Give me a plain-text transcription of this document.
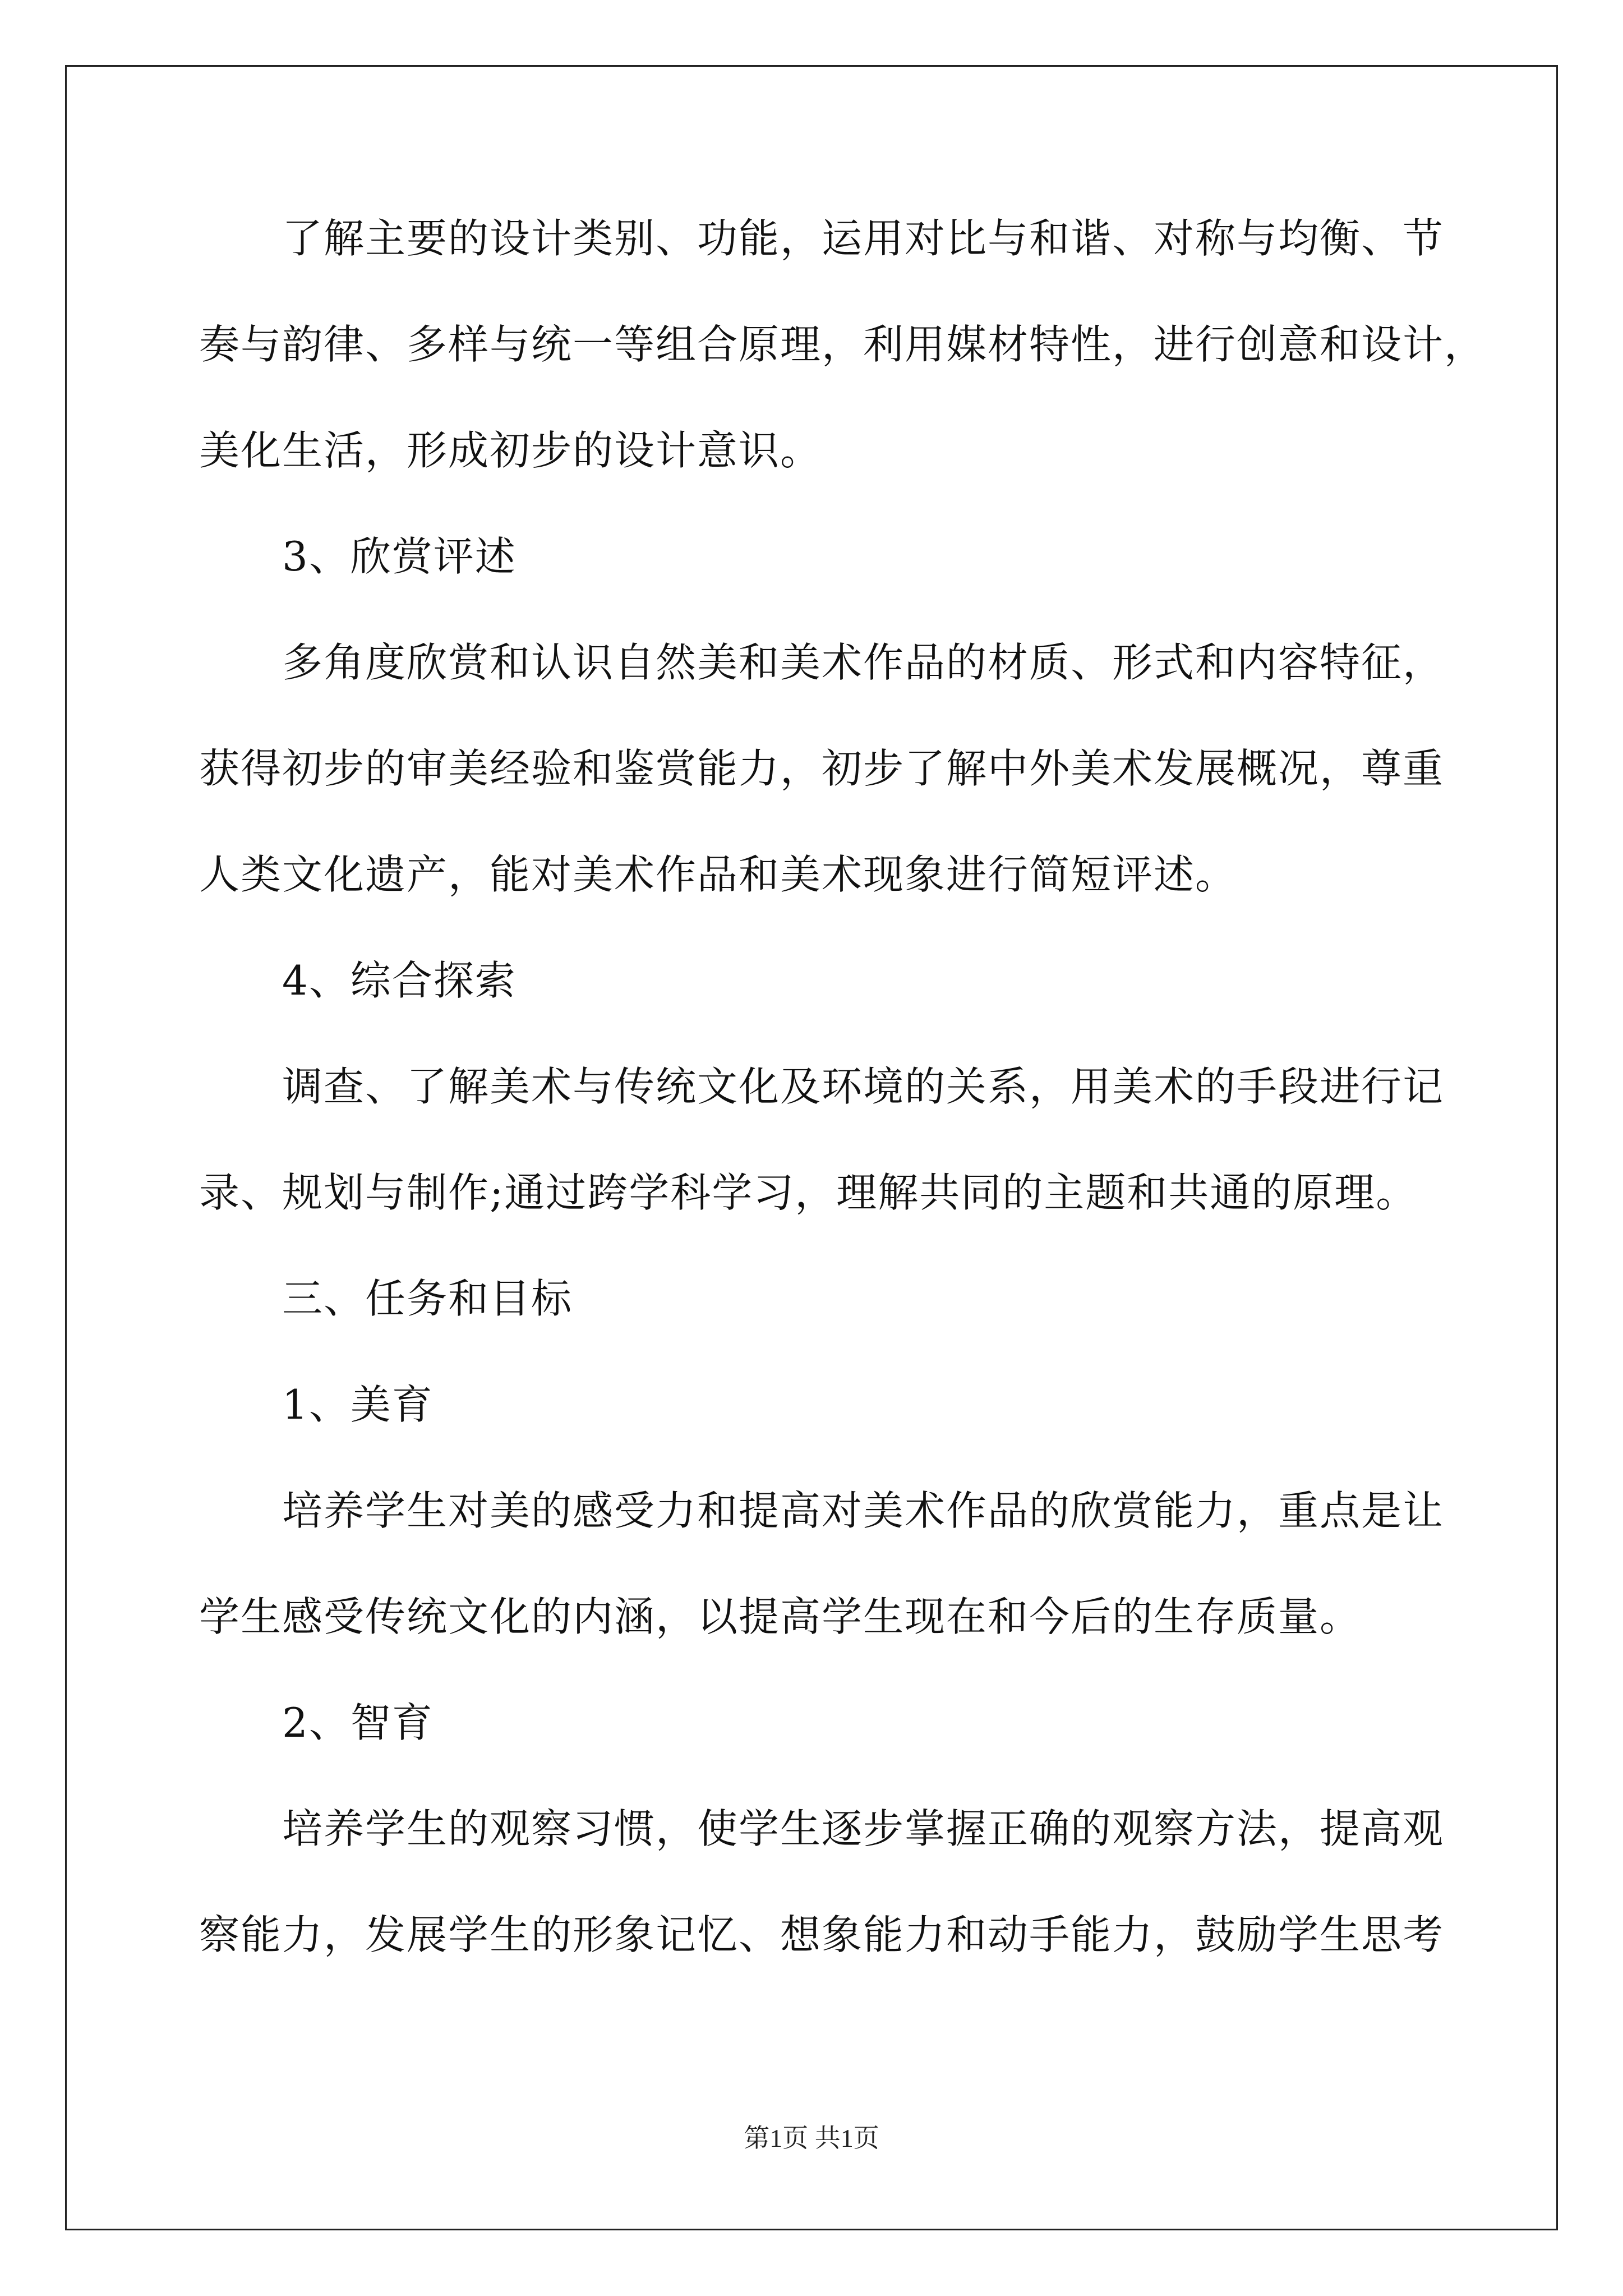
了解主要的设计类别、功能，运用对比与和谐、对称与均衡、节
奏与韵律、多样与统一等组合原理，利用媒材特性，进行创意和设计，
美化生活，形成初步的设计意识。
3、欣赏评述
多角度欣赏和认识自然美和美术作品的材质、形式和内容特征，
获得初步的审美经验和鉴赏能力，初步了解中外美术发展概况，尊重
人类文化遗产，能对美术作品和美术现象进行简短评述。
4、综合探索
调查、了解美术与传统文化及环境的关系，用美术的手段进行记
录、规划与制作;通过跨学科学习，理解共同的主题和共通的原理。
三、任务和目标
1、美育
培养学生对美的感受力和提高对美术作品的欣赏能力，重点是让
学生感受传统文化的内涵，以提高学生现在和今后的生存质量。
2、智育
培养学生的观察习惯，使学生逐步掌握正确的观察方法，提高观
察能力，发展学生的形象记忆、想象能力和动手能力，鼓励学生思考
第1页 共1页
